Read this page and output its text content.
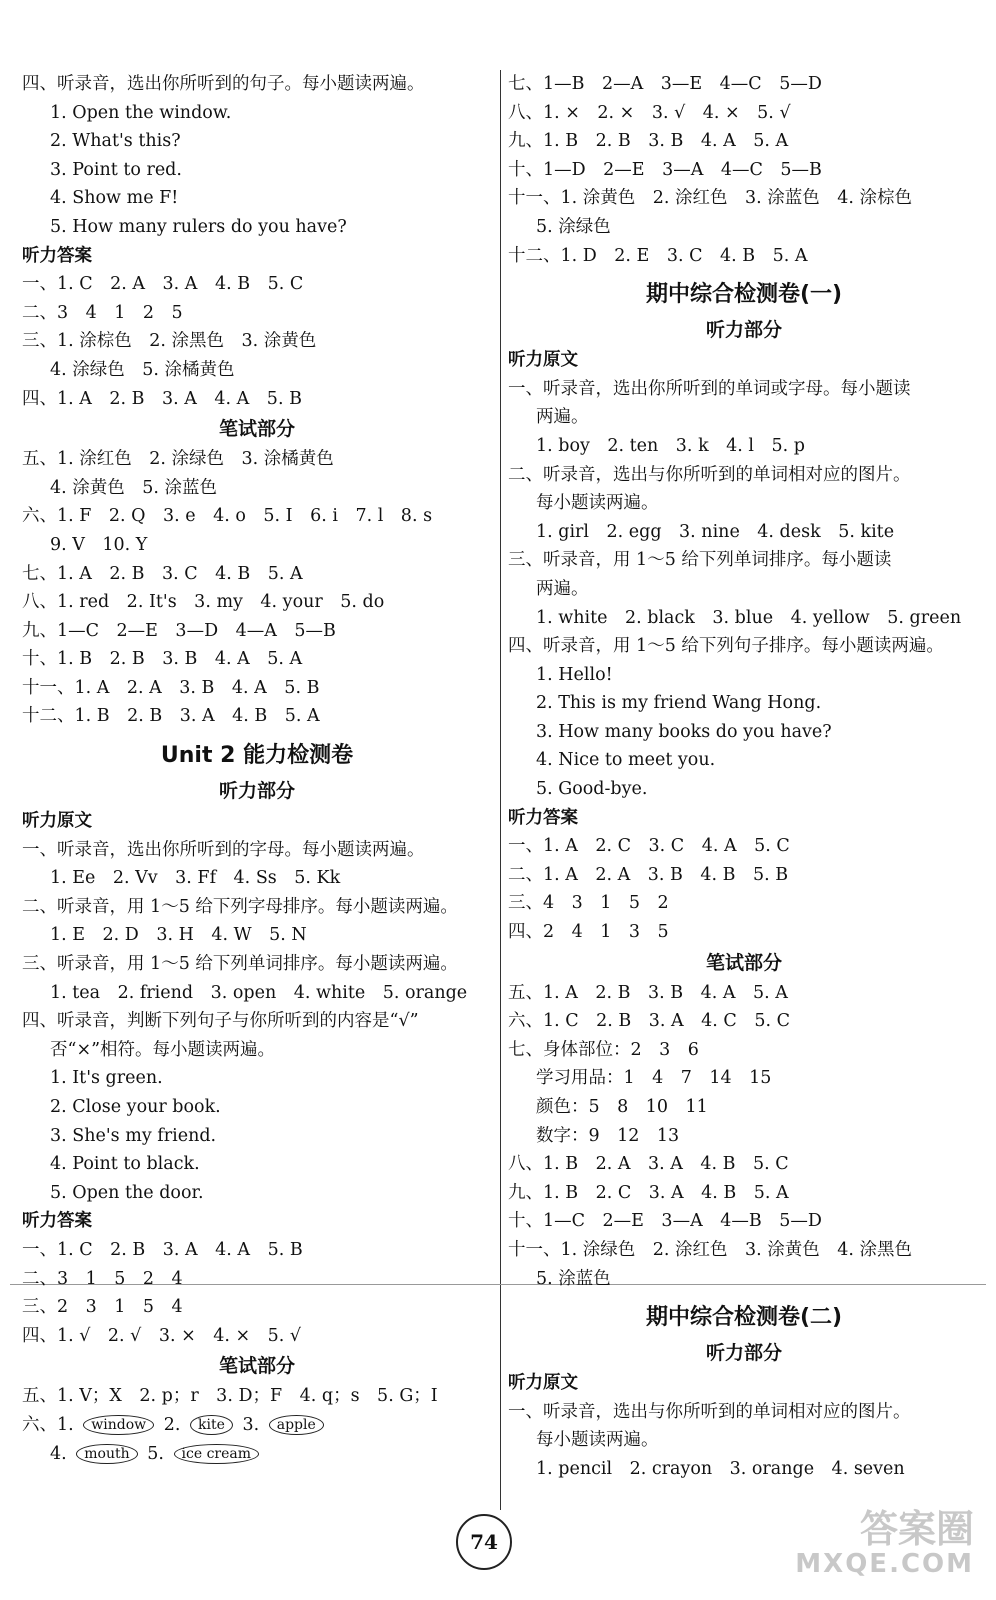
四、听录音，选出你所听到的句子。每小题读两遍。
1. Open the window.
2. What's this?
3. Point to red.
4. Show me F!
5. How many rulers do you have?
听力答案
一、1. C　2. A　3. A　4. B　5. C
二、3　4　1　2　5
三、1. 涂棕色　2. 涂黑色　3. 涂黄色
4. 涂绿色　5. 涂橘黄色
四、1. A　2. B　3. A　4. A　5. B
笔试部分
五、1. 涂红色　2. 涂绿色　3. 涂橘黄色
4. 涂黄色　5. 涂蓝色
六、1. F　2. Q　3. e　4. o　5. I　6. i　7. l　8. s
9. V　10. Y
七、1. A　2. B　3. C　4. B　5. A
八、1. red　2. It's　3. my　4. your　5. do
九、1—C　2—E　3—D　4—A　5—B
十、1. B　2. B　3. B　4. A　5. A
十一、1. A　2. A　3. B　4. A　5. B
十二、1. B　2. B　3. A　4. B　5. A
Unit 2 能力检测卷
听力部分
听力原文
一、听录音，选出你所听到的字母。每小题读两遍。
1. Ee　2. Vv　3. Ff　4. Ss　5. Kk
二、听录音，用 1～5 给下列字母排序。每小题读两遍。
1. E　2. D　3. H　4. W　5. N
三、听录音，用 1～5 给下列单词排序。每小题读两遍。
1. tea　2. friend　3. open　4. white　5. orange
四、听录音，判断下列句子与你所听到的内容是“√”
否“×”相符。每小题读两遍。
1. It's green.
2. Close your book.
3. She's my friend.
4. Point to black.
5. Open the door.
听力答案
一、1. C　2. B　3. A　4. A　5. B
二、3　1　5　2　4
三、2　3　1　5　4
四、1. √　2. √　3. ×　4. ×　5. √
笔试部分
五、1. V；X　2. p；r　3. D；F　4. q；s　5. G；I
六、1. window 2. kite 3. apple
4. mouth 5. ice cream
七、1—B　2—A　3—E　4—C　5—D
八、1. ×　2. ×　3. √　4. ×　5. √
九、1. B　2. B　3. B　4. A　5. A
十、1—D　2—E　3—A　4—C　5—B
十一、1. 涂黄色　2. 涂红色　3. 涂蓝色　4. 涂棕色
5. 涂绿色
十二、1. D　2. E　3. C　4. B　5. A
期中综合检测卷(一)
听力部分
听力原文
一、听录音，选出你所听到的单词或字母。每小题读
两遍。
1. boy　2. ten　3. k　4. l　5. p
二、听录音，选出与你所听到的单词相对应的图片。
每小题读两遍。
1. girl　2. egg　3. nine　4. desk　5. kite
三、听录音，用 1～5 给下列单词排序。每小题读
两遍。
1. white　2. black　3. blue　4. yellow　5. green
四、听录音，用 1～5 给下列句子排序。每小题读两遍。
1. Hello!
2. This is my friend Wang Hong.
3. How many books do you have?
4. Nice to meet you.
5. Good-bye.
听力答案
一、1. A　2. C　3. C　4. A　5. C
二、1. A　2. A　3. B　4. B　5. B
三、4　3　1　5　2
四、2　4　1　3　5
笔试部分
五、1. A　2. B　3. B　4. A　5. A
六、1. C　2. B　3. A　4. C　5. C
七、身体部位：2　3　6
学习用品：1　4　7　14　15
颜色：5　8　10　11
数字：9　12　13
八、1. B　2. A　3. A　4. B　5. C
九、1. B　2. C　3. A　4. B　5. A
十、1—C　2—E　3—A　4—B　5—D
十一、1. 涂绿色　2. 涂红色　3. 涂黄色　4. 涂黑色
5. 涂蓝色
期中综合检测卷(二)
听力部分
听力原文
一、听录音，选出与你所听到的单词相对应的图片。
每小题读两遍。
1. pencil　2. crayon　3. orange　4. seven
74	答案圈
MXQE.COM
